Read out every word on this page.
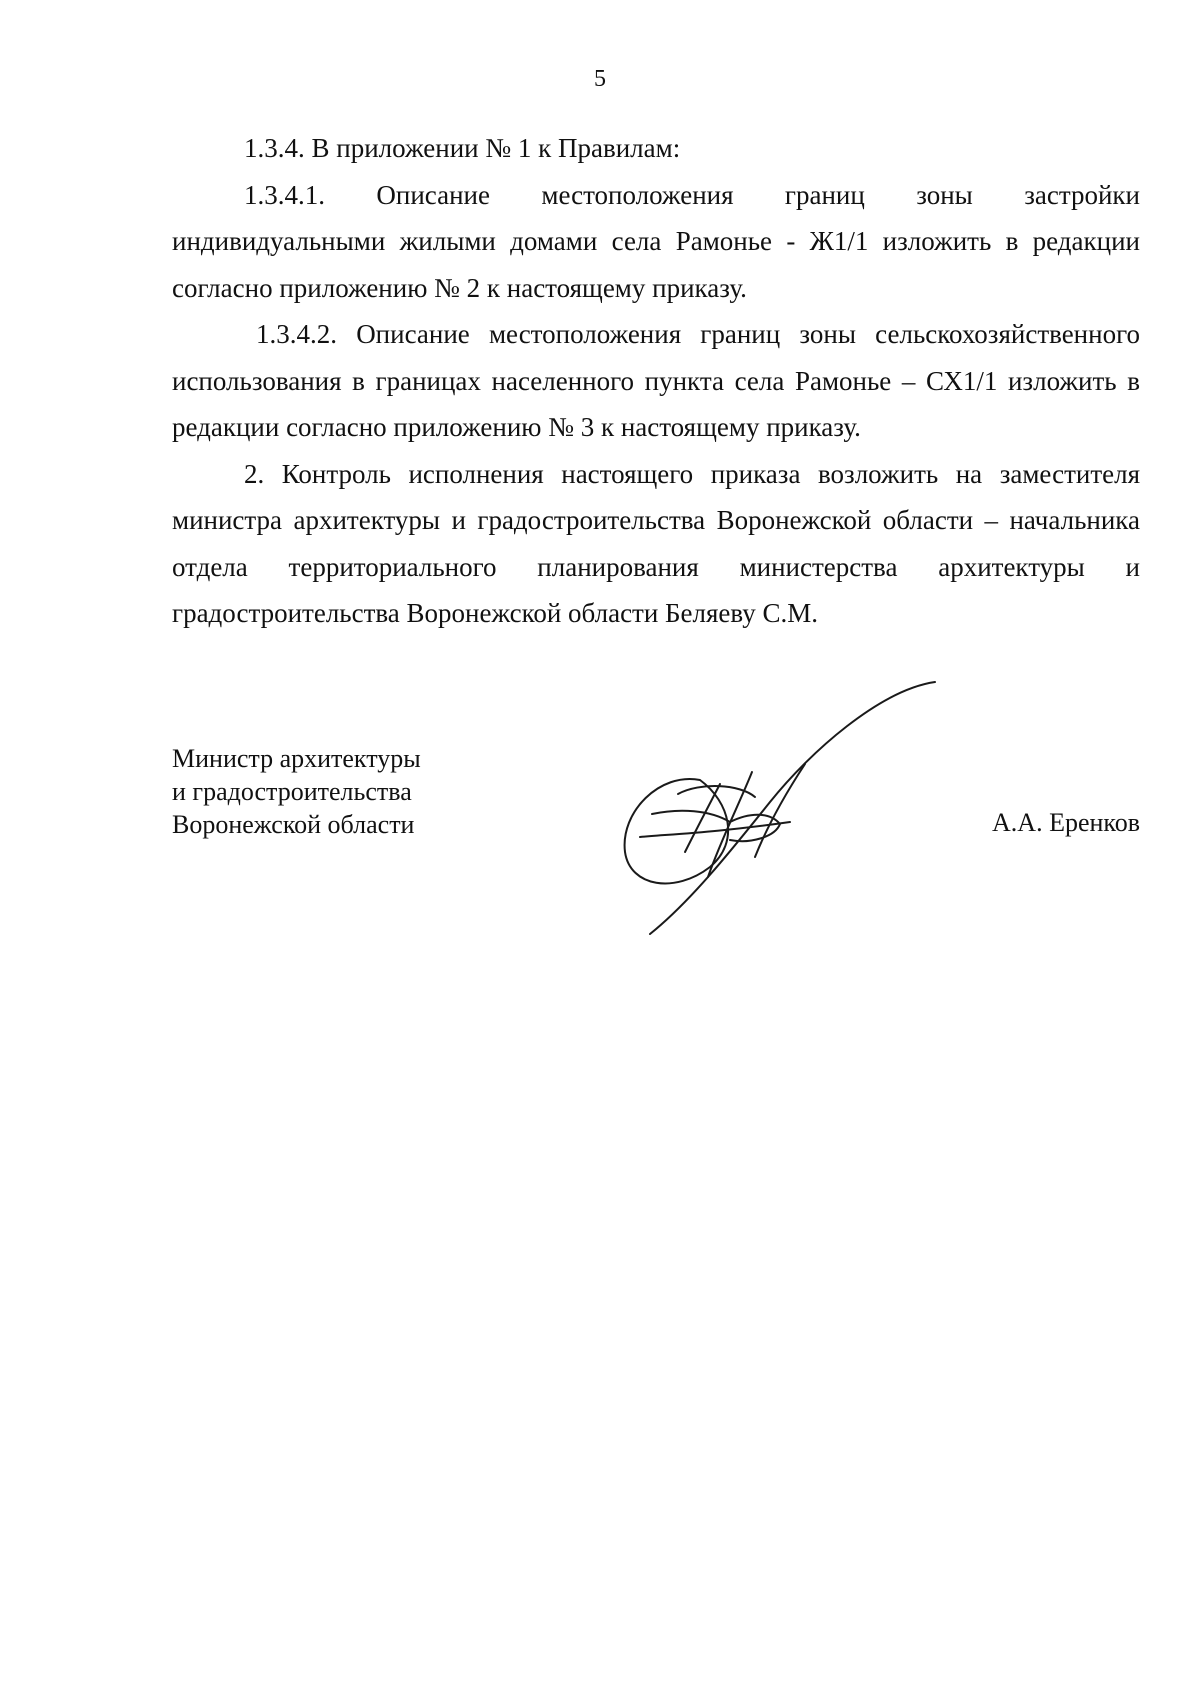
5

1.3.4. В приложении № 1 к Правилам:

1.3.4.1. Описание местоположения границ зоны застройки

индивидуальными жилыми домами села Рамонье - Ж1/1 изложить в редакции согласно приложению № 2 к настоящему приказу.

1.3.4.2. Описание местоположения границ зоны сельскохозяйственного использования в границах населенного пункта села Рамонье – СХ1/1 изложить в редакции согласно приложению № 3 к настоящему приказу.

2. Контроль исполнения настоящего приказа возложить на заместителя министра архитектуры и градостроительства Воронежской области – начальника отдела территориального планирования министерства архитектуры и градостроительства Воронежской области Беляеву С.М.

Министр архитектуры
и градостроительства
Воронежской области	А.А. Еренков
